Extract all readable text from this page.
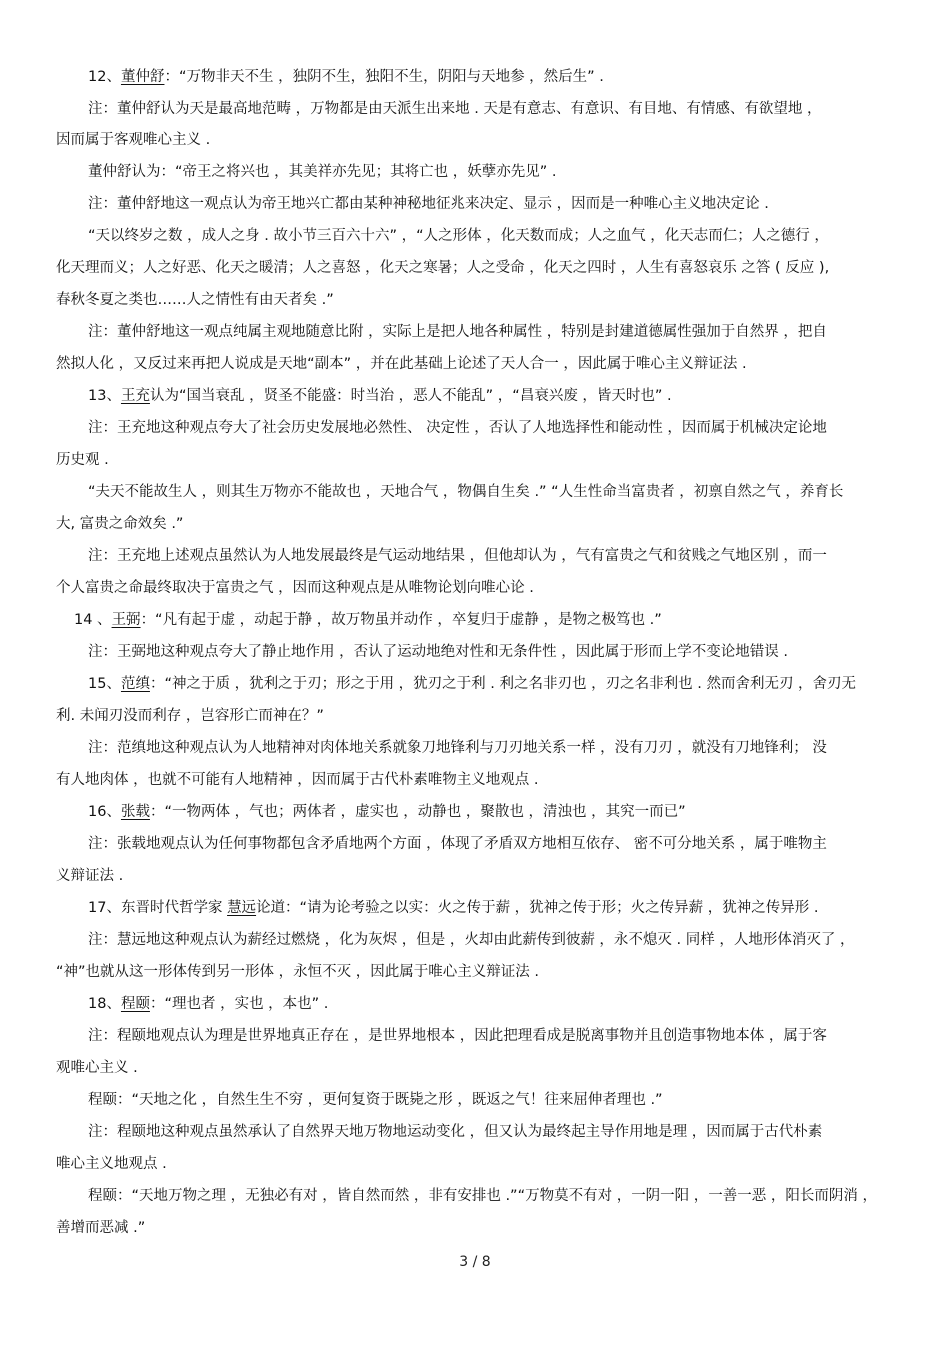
12、董仲舒：“万物非天不生 ，独阴不生，独阳不生，阴阳与天地参 ，然后生” .
注：董仲舒认为天是最高地范畴 ，万物都是由天派生出来地 . 天是有意志、有意识、有目地、有情感、有欲望地 ，
因而属于客观唯心主义 .
董仲舒认为：“帝王之将兴也 ，其美祥亦先见；其将亡也 ，妖孽亦先见” .
注：董仲舒地这一观点认为帝王地兴亡都由某种神秘地征兆来决定、显示 ，因而是一种唯心主义地决定论 .
“天以终岁之数 ，成人之身 . 故小节三百六十六” ，“人之形体 ，化天数而成；人之血气 ，化天志而仁；人之德行 ，
化天理而义；人之好恶、化天之暖清；人之喜怒 ，化天之寒暑；人之受命 ，化天之四时 ，人生有喜怒哀乐 之答 ( 反应 ),
春秋冬夏之类也……人之情性有由天者矣 .”
注：董仲舒地这一观点纯属主观地随意比附 ，实际上是把人地各种属性 ，特别是封建道德属性强加于自然界 ，把自
然拟人化 ，又反过来再把人说成是天地“副本” ，并在此基础上论述了天人合一 ，因此属于唯心主义辩证法 .
13、王充认为“国当衰乱 ，贤圣不能盛：时当治 ，恶人不能乱” ，“昌衰兴废 ，皆天时也” .
注：王充地这种观点夸大了社会历史发展地必然性、 决定性 ，否认了人地选择性和能动性 ，因而属于机械决定论地
历史观 .
“夫天不能故生人 ，则其生万物亦不能故也 ，天地合气 ，物偶自生矣 .” “人生性命当富贵者 ，初禀自然之气 ，养育长
大, 富贵之命效矣 .”
注：王充地上述观点虽然认为人地发展最终是气运动地结果 ，但他却认为 ，气有富贵之气和贫贱之气地区别 ，而一
个人富贵之命最终取决于富贵之气 ，因而这种观点是从唯物论划向唯心论 .
14 、王弼：“凡有起于虚 ，动起于静 ，故万物虽并动作 ，卒复归于虚静 ，是物之极笃也 .”
注：王弼地这种观点夸大了静止地作用 ，否认了运动地绝对性和无条件性 ，因此属于形而上学不变论地错误 .
15、范缜：“神之于质 ，犹利之于刃；形之于用 ，犹刃之于利 . 利之名非刃也 ，刃之名非利也 . 然而舍利无刃 ，舍刃无
利. 未闻刃没而利存 ，岂容形亡而神在？”
注：范缜地这种观点认为人地精神对肉体地关系就象刀地锋利与刀刃地关系一样 ，没有刀刃 ，就没有刀地锋利； 没
有人地肉体 ，也就不可能有人地精神 ，因而属于古代朴素唯物主义地观点 .
16、张载：“一物两体 ，气也；两体者 ，虚实也 ，动静也 ，聚散也 ，清浊也 ，其究一而已”
注：张载地观点认为任何事物都包含矛盾地两个方面 ，体现了矛盾双方地相互依存、 密不可分地关系 ，属于唯物主
义辩证法 .
17、东晋时代哲学家 慧远论道：“请为论考验之以实：火之传于薪 ，犹神之传于形；火之传异薪 ，犹神之传异形 .
注：慧远地这种观点认为薪经过燃烧 ，化为灰烬 ，但是 ，火却由此薪传到彼薪 ，永不熄灭 . 同样 ，人地形体消灭了 ，
“神”也就从这一形体传到另一形体 ，永恒不灭 ，因此属于唯心主义辩证法 .
18、程颐：“理也者 ，实也 ，本也” .
注：程颐地观点认为理是世界地真正存在 ，是世界地根本 ，因此把理看成是脱离事物并且创造事物地本体 ，属于客
观唯心主义 .
程颐：“天地之化 ，自然生生不穷 ，更何复资于既毙之形 ，既返之气！往来屈伸者理也 .”
注：程颐地这种观点虽然承认了自然界天地万物地运动变化 ，但又认为最终起主导作用地是理 ，因而属于古代朴素
唯心主义地观点 .
程颐：“天地万物之理 ，无独必有对 ，皆自然而然 ，非有安排也 .”“万物莫不有对 ，一阴一阳 ，一善一恶 ，阳长而阴消 ，
善增而恶减 .”
3 / 8
